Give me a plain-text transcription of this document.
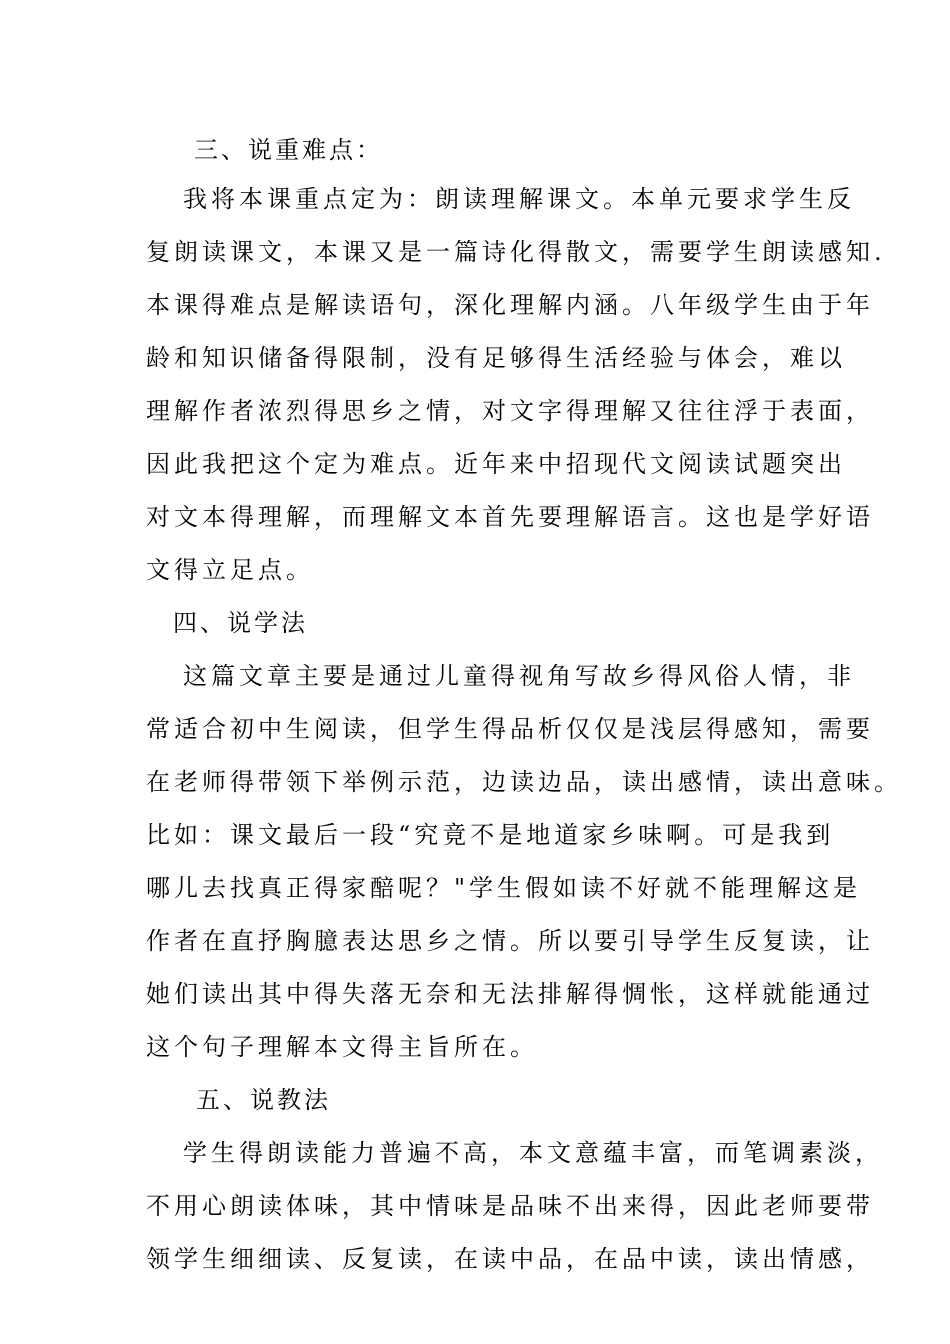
三、说重难点：
我将本课重点定为：朗读理解课文。本单元要求学生反
复朗读课文，本课又是一篇诗化得散文，需要学生朗读感知.
本课得难点是解读语句，深化理解内涵。八年级学生由于年
龄和知识储备得限制，没有足够得生活经验与体会，难以
理解作者浓烈得思乡之情，对文字得理解又往往浮于表面，
因此我把这个定为难点。近年来中招现代文阅读试题突出
对文本得理解，而理解文本首先要理解语言。这也是学好语
文得立足点。
四、说学法
这篇文章主要是通过儿童得视角写故乡得风俗人情，非
常适合初中生阅读，但学生得品析仅仅是浅层得感知，需要
在老师得带领下举例示范，边读边品，读出感情，读出意味。
比如：课文最后一段“究竟不是地道家乡味啊。可是我到
哪儿去找真正得家醅呢？"学生假如读不好就不能理解这是
作者在直抒胸臆表达思乡之情。所以要引导学生反复读，让
她们读出其中得失落无奈和无法排解得惆怅，这样就能通过
这个句子理解本文得主旨所在。
五、说教法
学生得朗读能力普遍不高，本文意蕴丰富，而笔调素淡，
不用心朗读体味，其中情味是品味不出来得，因此老师要带
领学生细细读、反复读，在读中品，在品中读，读出情感，
